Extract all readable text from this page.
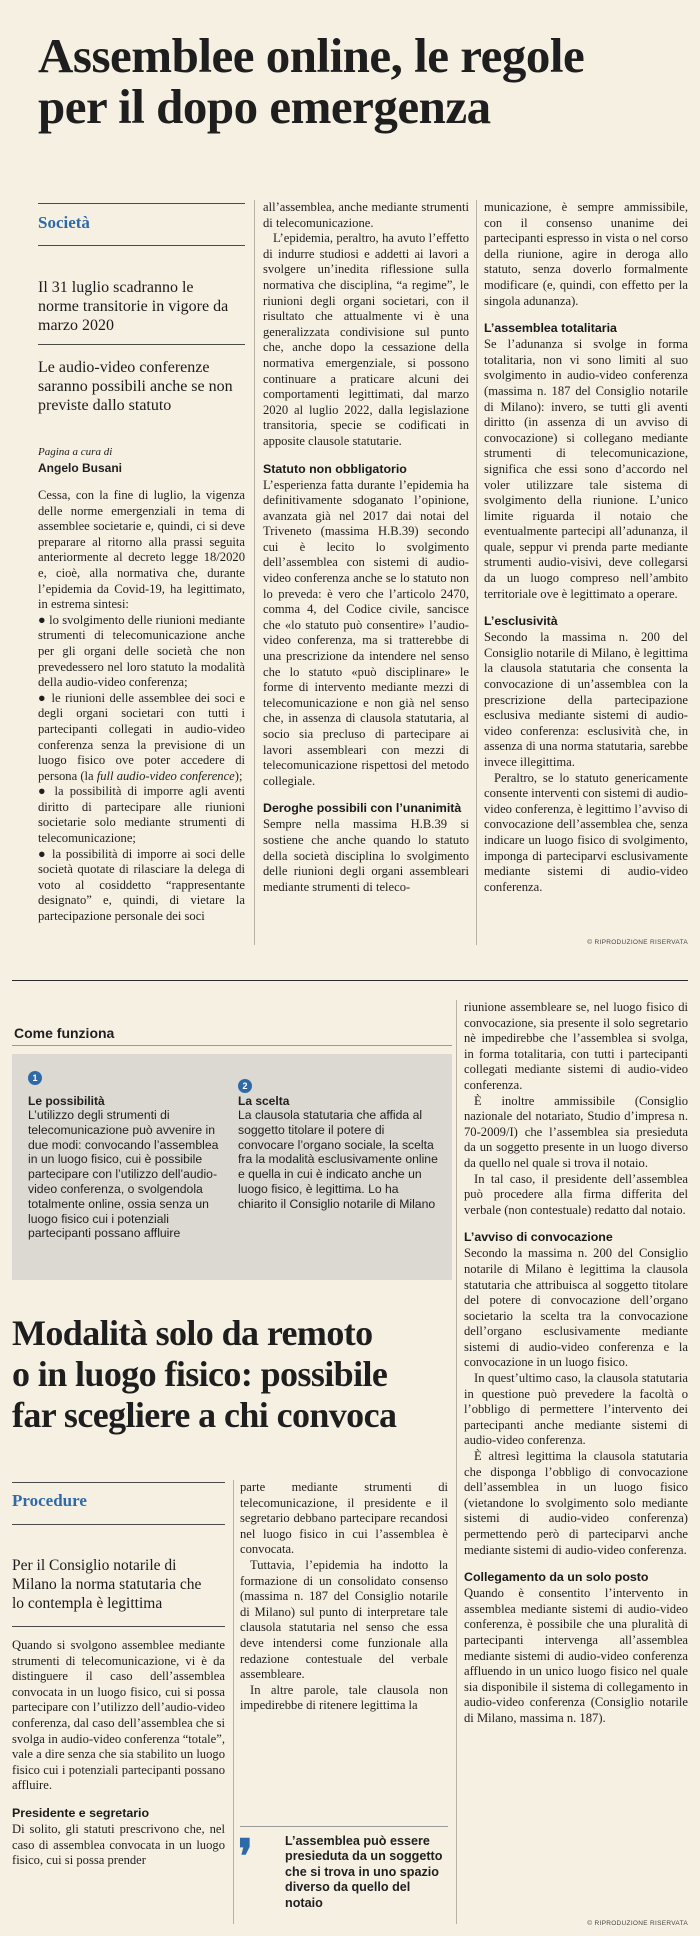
Assemblee online, le regole
per il dopo emergenza
Società
Il 31 luglio scadranno le norme transitorie in vigore da marzo 2020
Le audio-video conferenze saranno possibili anche se non previste dallo statuto
Pagina a cura di
Angelo Busani

Cessa, con la fine di luglio, la vigenza delle norme emergenziali in tema di assemblee societarie e, quindi, ci si deve preparare al ritorno alla prassi seguita anteriormente al decreto legge 18/2020 e, cioè, alla normativa che, durante l’epidemia da Covid-19, ha legittimato, in estrema sintesi:

● lo svolgimento delle riunioni mediante strumenti di telecomunicazione anche per gli organi delle società che non prevedessero nel loro statuto la modalità della audio-video conferenza;

● le riunioni delle assemblee dei soci e degli organi societari con tutti i partecipanti collegati in audio-video conferenza senza la previsione di un luogo fisico ove poter accedere di persona (la full audio-video conference);

● la possibilità di imporre agli aventi diritto di partecipare alle riunioni societarie solo mediante strumenti di telecomunicazione;

● la possibilità di imporre ai soci delle società quotate di rilasciare la delega di voto al cosiddetto “rappresentante designato” e, quindi, di vietare la partecipazione personale dei soci

all’assemblea, anche mediante strumenti di telecomunicazione.

L’epidemia, peraltro, ha avuto l’effetto di indurre studiosi e addetti ai lavori a svolgere un’inedita riflessione sulla normativa che disciplina, “a regime”, le riunioni degli organi societari, con il risultato che attualmente vi è una generalizzata condivisione sul punto che, anche dopo la cessazione della normativa emergenziale, si possono continuare a praticare alcuni dei comportamenti legittimati, dal marzo 2020 al luglio 2022, dalla legislazione transitoria, specie se codificati in apposite clausole statutarie.

Statuto non obbligatorio

L’esperienza fatta durante l’epidemia ha definitivamente sdoganato l’opinione, avanzata già nel 2017 dai notai del Triveneto (massima H.B.39) secondo cui è lecito lo svolgimento dell’assemblea con sistemi di audio-video conferenza anche se lo statuto non lo preveda: è vero che l’articolo 2470, comma 4, del Codice civile, sancisce che «lo statuto può consentire» l’audio-video conferenza, ma si tratterebbe di una prescrizione da intendere nel senso che lo statuto «può disciplinare» le forme di intervento mediante mezzi di telecomunicazione e non già nel senso che, in assenza di clausola statutaria, al socio sia precluso di partecipare ai lavori assembleari con mezzi di telecomunicazione rispettosi del metodo collegiale.

Deroghe possibili con l’unanimità

Sempre nella massima H.B.39 si sostiene che anche quando lo statuto della società disciplina lo svolgimento delle riunioni degli organi assembleari mediante strumenti di teleco-

municazione, è sempre ammissibile, con il consenso unanime dei partecipanti espresso in vista o nel corso della riunione, agire in deroga allo statuto, senza doverlo formalmente modificare (e, quindi, con effetto per la singola adunanza).

L’assemblea totalitaria

Se l’adunanza si svolge in forma totalitaria, non vi sono limiti al suo svolgimento in audio-video conferenza (massima n. 187 del Consiglio notarile di Milano): invero, se tutti gli aventi diritto (in assenza di un avviso di convocazione) si collegano mediante strumenti di telecomunicazione, significa che essi sono d’accordo nel voler utilizzare tale sistema di svolgimento della riunione. L’unico limite riguarda il notaio che eventualmente partecipi all’adunanza, il quale, seppur vi prenda parte mediante strumenti audio-visivi, deve collegarsi da un luogo compreso nell’ambito territoriale ove è legittimato a operare.

L’esclusività

Secondo la massima n. 200 del Consiglio notarile di Milano, è legittima la clausola statutaria che consenta la convocazione di un’assemblea con la prescrizione della partecipazione esclusiva mediante sistemi di audio-video conferenza: esclusività che, in assenza di una norma statutaria, sarebbe invece illegittima.

Peraltro, se lo statuto genericamente consente interventi con sistemi di audio-video conferenza, è legittimo l’avviso di convocazione dell’assemblea che, senza indicare un luogo fisico di svolgimento, imponga di parteciparvi esclusivamente mediante sistemi di audio-video conferenza.

© RIPRODUZIONE RISERVATA
Come funziona
1
Le possibilità
L’utilizzo degli strumenti di telecomunicazione può avvenire in due modi: convocando l’assemblea in un luogo fisico, cui è possibile partecipare con l’utilizzo dell’audio-video conferenza, o svolgendola totalmente online, ossia senza un luogo fisico cui i potenziali partecipanti possano affluire
2
La scelta
La clausola statutaria che affida al soggetto titolare il potere di convocare l’organo sociale, la scelta fra la modalità esclusivamente online e quella in cui è indicato anche un luogo fisico, è legittima. Lo ha chiarito il Consiglio notarile di Milano
Modalità solo da remoto
o in luogo fisico: possibile
far scegliere a chi convoca
Procedure
Per il Consiglio notarile di Milano la norma statutaria che lo contempla è legittima

Quando si svolgono assemblee mediante strumenti di telecomunicazione, vi è da distinguere il caso dell’assemblea convocata in un luogo fisico, cui si possa partecipare con l’utilizzo dell’audio-video conferenza, dal caso dell’assemblea che si svolga in audio-video conferenza “totale”, vale a dire senza che sia stabilito un luogo fisico cui i potenziali partecipanti possano affluire.

Presidente e segretario

Di solito, gli statuti prescrivono che, nel caso di assemblea convocata in un luogo fisico, cui si possa prender

parte mediante strumenti di telecomunicazione, il presidente e il segretario debbano partecipare recandosi nel luogo fisico in cui l’assemblea è convocata.

Tuttavia, l’epidemia ha indotto la formazione di un consolidato consenso (massima n. 187 del Consiglio notarile di Milano) sul punto di interpretare tale clausola statutaria nel senso che essa deve intendersi come funzionale alla redazione contestuale del verbale assembleare.

In altre parole, tale clausola non impedirebbe di ritenere legittima la

❜	L’assemblea può essere presieduta da un soggetto che si trova in uno spazio diverso da quello del notaio

riunione assembleare se, nel luogo fisico di convocazione, sia presente il solo segretario nè impedirebbe che l’assemblea si svolga, in forma totalitaria, con tutti i partecipanti collegati mediante sistemi di audio-video conferenza.

È inoltre ammissibile (Consiglio nazionale del notariato, Studio d’impresa n. 70-2009/I) che l’assemblea sia presieduta da un soggetto presente in un luogo diverso da quello nel quale si trova il notaio.

In tal caso, il presidente dell’assemblea può procedere alla firma differita del verbale (non contestuale) redatto dal notaio.

L’avviso di convocazione

Secondo la massima n. 200 del Consiglio notarile di Milano è legittima la clausola statutaria che attribuisca al soggetto titolare del potere di convocazione dell’organo societario la scelta tra la convocazione dell’organo esclusivamente mediante sistemi di audio-video conferenza e la convocazione in un luogo fisico.

In quest’ultimo caso, la clausola statutaria in questione può prevedere la facoltà o l’obbligo di permettere l’intervento dei partecipanti anche mediante sistemi di audio-video conferenza.

È altresì legittima la clausola statutaria che disponga l’obbligo di convocazione dell’assemblea in un luogo fisico (vietandone lo svolgimento solo mediante sistemi di audio-video conferenza) permettendo però di parteciparvi anche mediante sistemi di audio-video conferenza.

Collegamento da un solo posto

Quando è consentito l’intervento in assemblea mediante sistemi di audio-video conferenza, è possibile che una pluralità di partecipanti intervenga all’assemblea mediante sistemi di audio-video conferenza affluendo in un unico luogo fisico nel quale sia disponibile il sistema di collegamento in audio-video conferenza (Consiglio notarile di Milano, massima n. 187).

© RIPRODUZIONE RISERVATA
